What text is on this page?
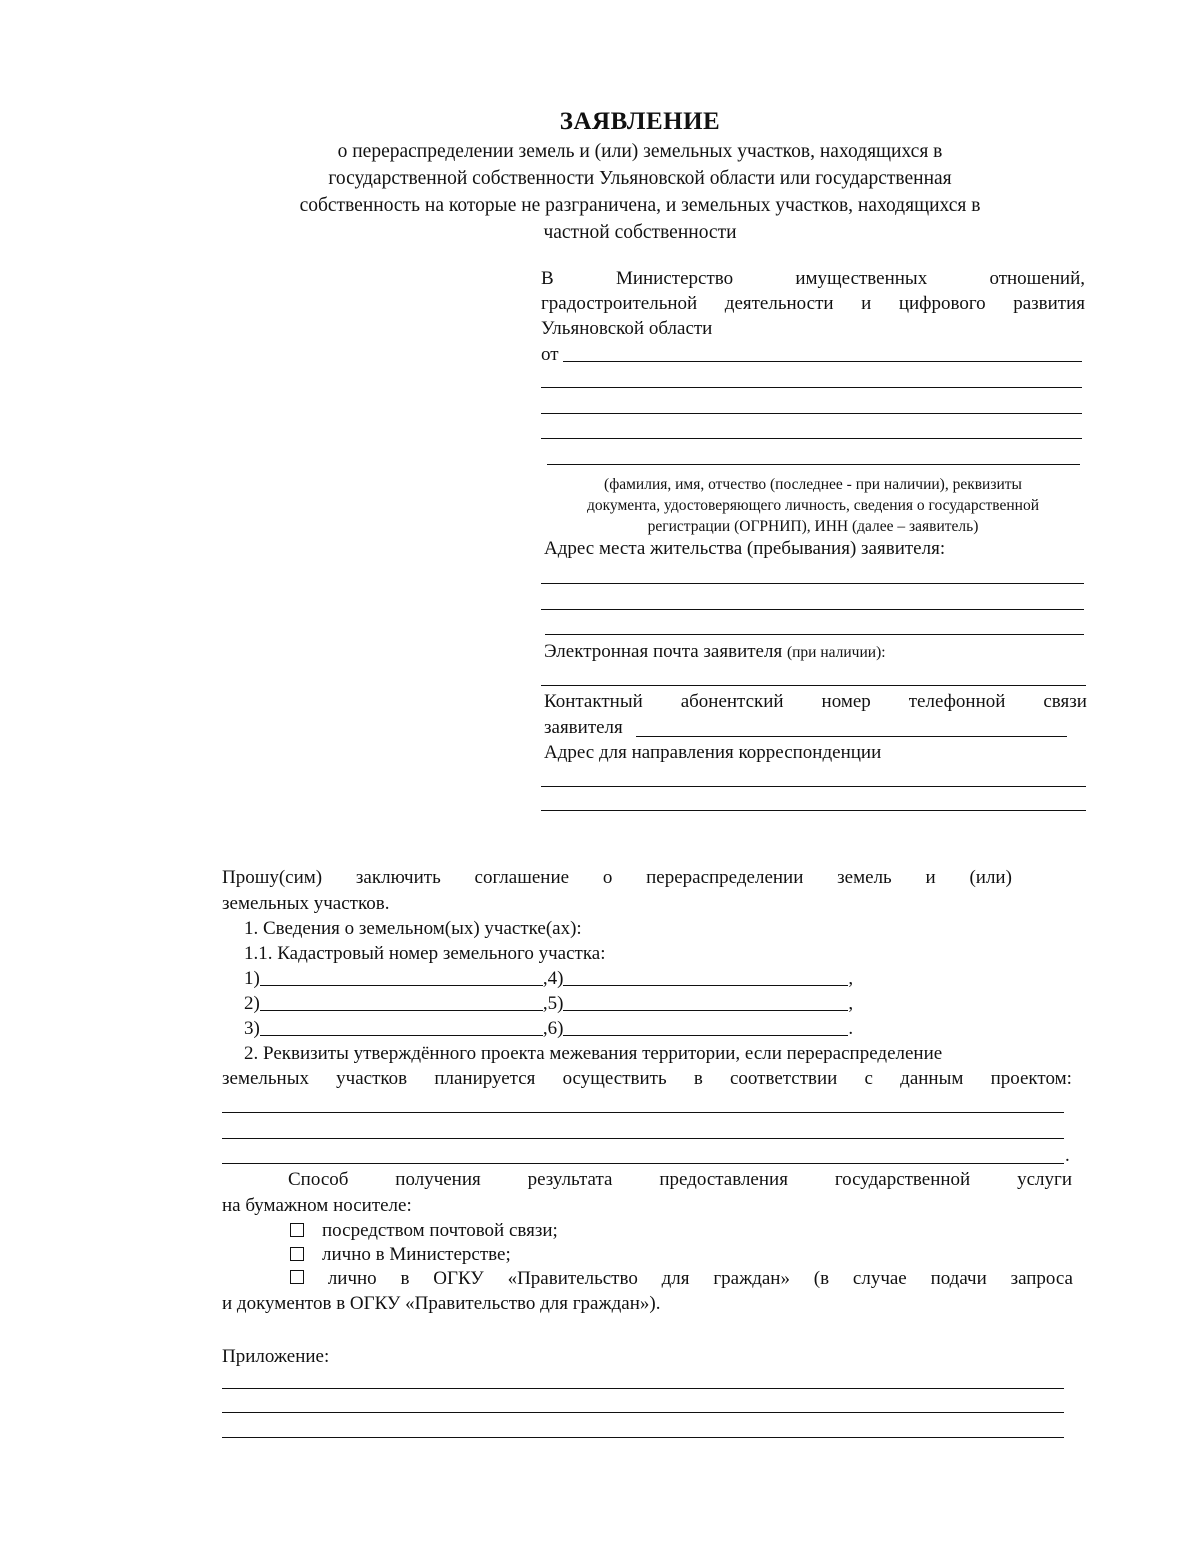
ЗАЯВЛЕНИЕ
о перераспределении земель и (или) земельных участков, находящихся в
государственной собственности Ульяновской области или государственная
собственность на которые не разграничена, и земельных участков, находящихся в
частной собственности
В	Министерство	имущественных	отношений,
градостроительной деятельности и цифрового развития
Ульяновской области
от
(фамилия, имя, отчество (последнее - при наличии), реквизиты
документа, удостоверяющего личность, сведения о государственной
регистрации (ОГРНИП), ИНН (далее – заявитель)
Адрес места жительства (пребывания) заявителя:
Электронная почта заявителя (при наличии):
Контактный абонентский номер телефонной связи
заявителя
Адрес для направления корреспонденции
Прошу(сим) заключить соглашение о перераспределении земель и (или)
земельных участков.
1. Сведения о земельном(ых) участке(ах):
1.1. Кадастровый номер земельного участка:
1)	,4)	,
2)	,5)	,
3)	,6)	.
2. Реквизиты утверждённого проекта межевания территории, если перераспределение
земельных участков планируется осуществить в соответствии с данным проектом:
.
Способ получения результата предоставления государственной услуги
на бумажном носителе:
посредством почтовой связи;
лично в Министерстве;
лично в ОГКУ «Правительство для граждан» (в случае подачи запроса
и документов в ОГКУ «Правительство для граждан»).
Приложение:
